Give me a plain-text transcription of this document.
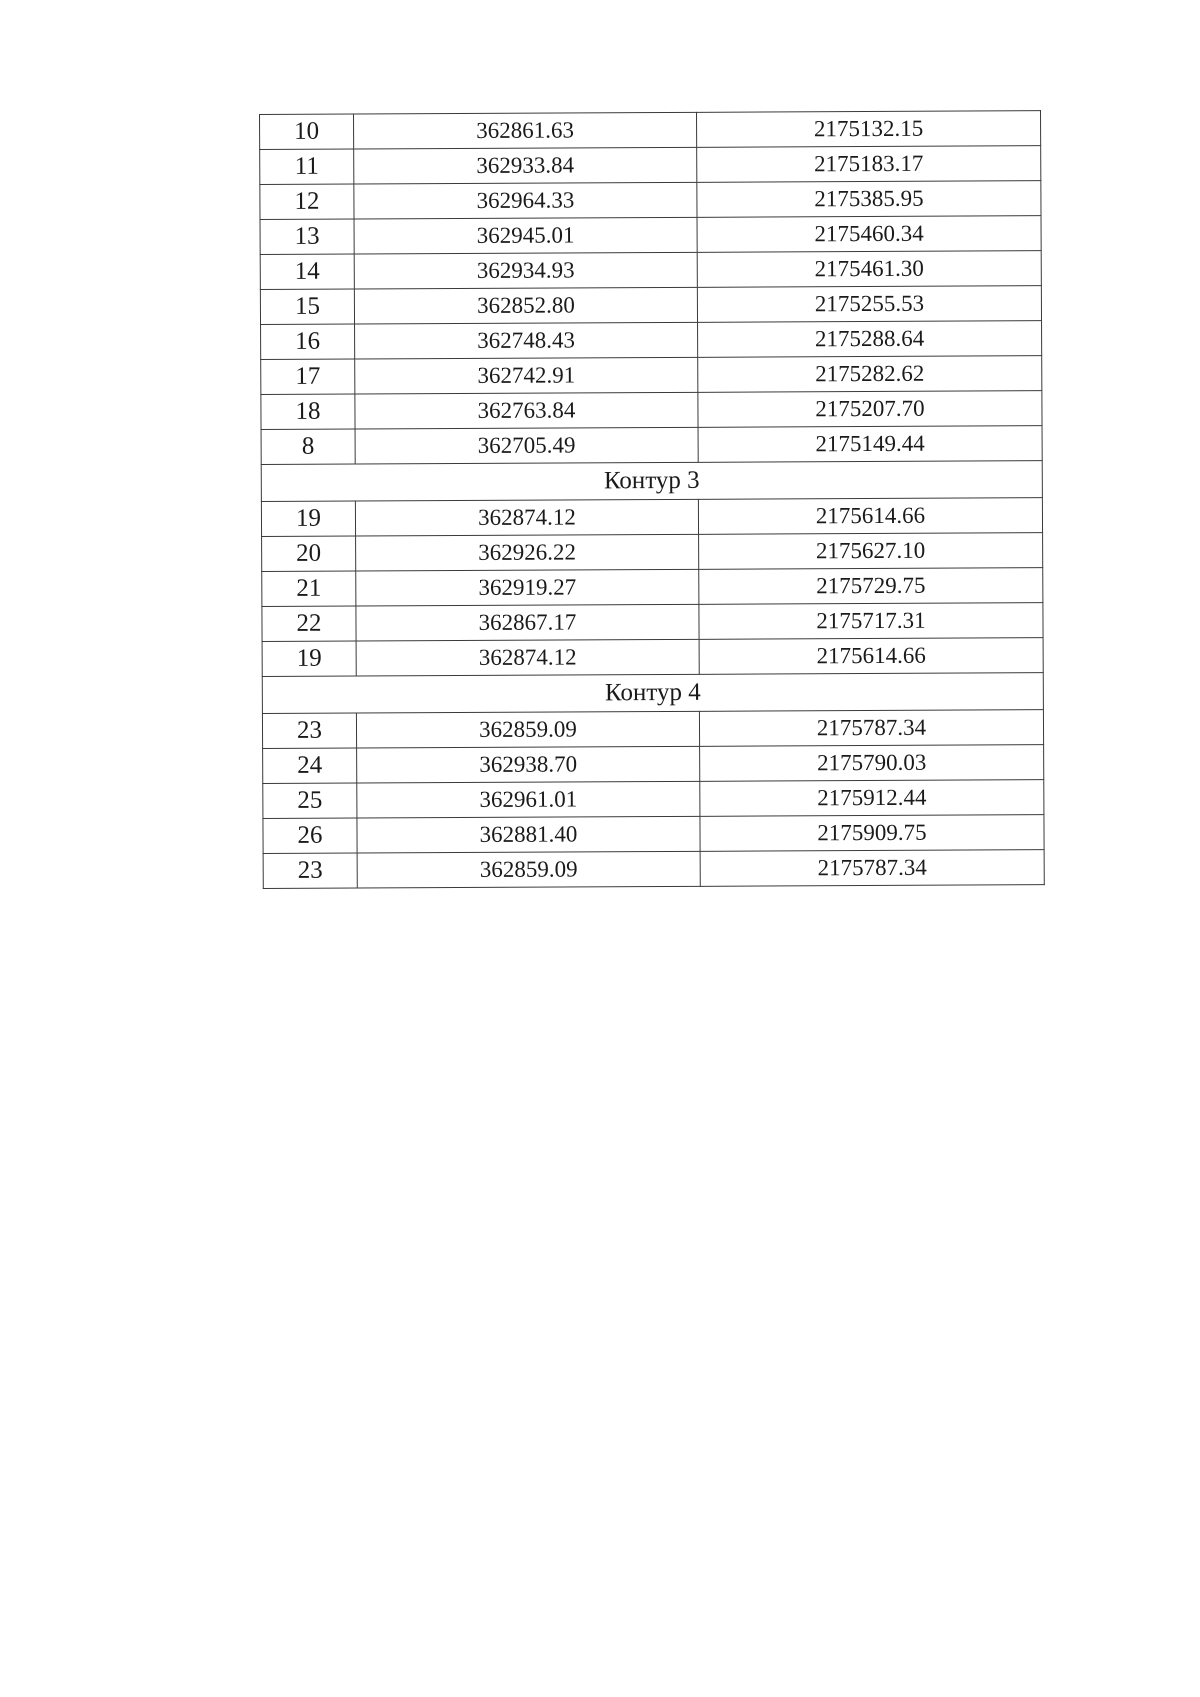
10	362861.63	2175132.15
11	362933.84	2175183.17
12	362964.33	2175385.95
13	362945.01	2175460.34
14	362934.93	2175461.30
15	362852.80	2175255.53
16	362748.43	2175288.64
17	362742.91	2175282.62
18	362763.84	2175207.70
8	362705.49	2175149.44
Контур 3		
19	362874.12	2175614.66
20	362926.22	2175627.10
21	362919.27	2175729.75
22	362867.17	2175717.31
19	362874.12	2175614.66
Контур 4		
23	362859.09	2175787.34
24	362938.70	2175790.03
25	362961.01	2175912.44
26	362881.40	2175909.75
23	362859.09	2175787.34
